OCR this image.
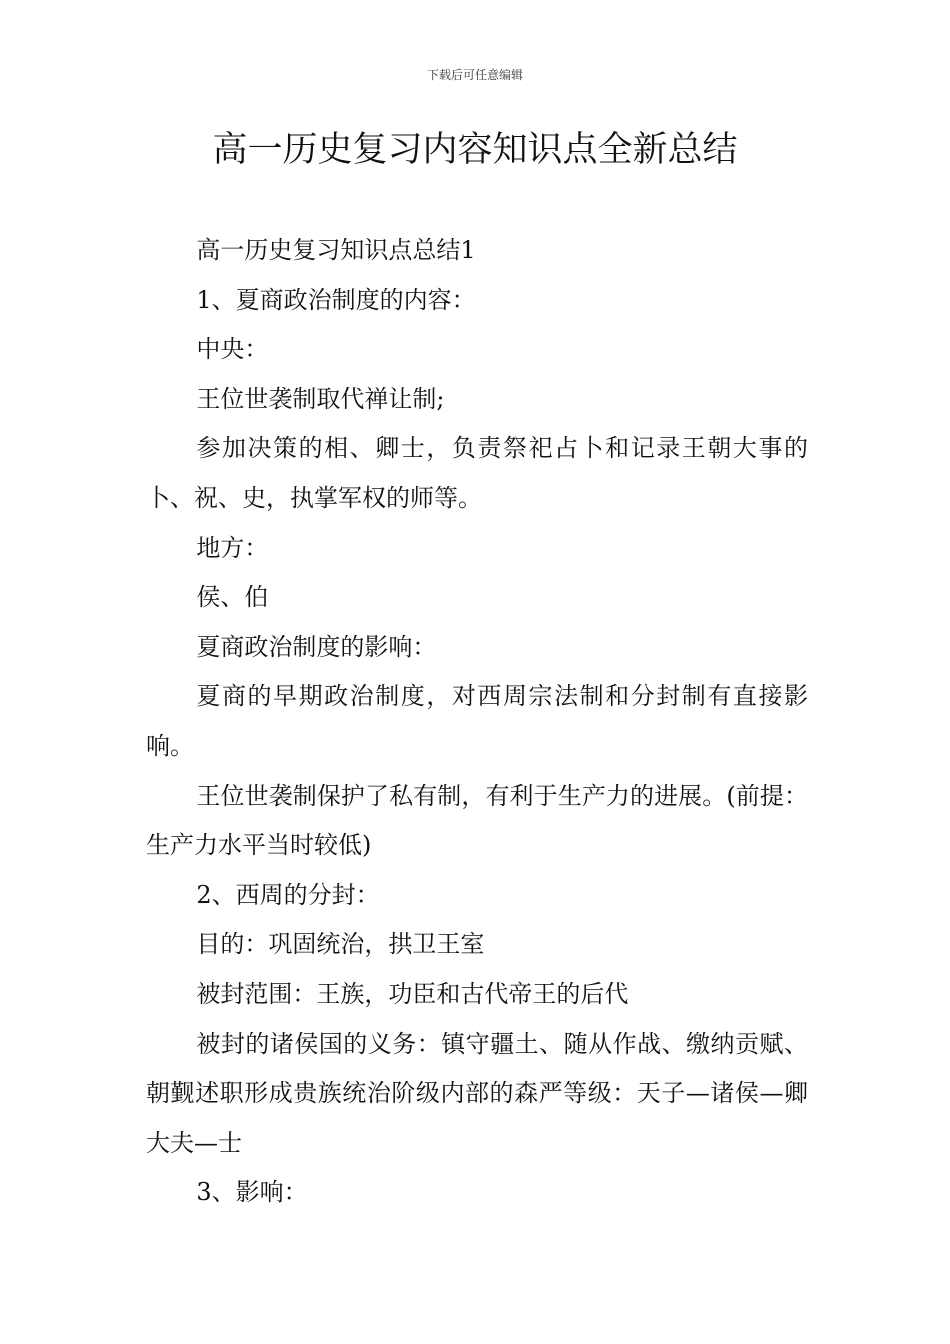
下载后可任意编辑
高一历史复习内容知识点全新总结

高一历史复习知识点总结1

1、夏商政治制度的内容：

中央：

王位世袭制取代禅让制;

参加决策的相、卿士，负责祭祀占卜和记录王朝大事的卜、祝、史，执掌军权的师等。

地方：

侯、伯

夏商政治制度的影响：

夏商的早期政治制度，对西周宗法制和分封制有直接影响。

王位世袭制保护了私有制，有利于生产力的进展。(前提：生产力水平当时较低)

2、西周的分封：

目的：巩固统治，拱卫王室

被封范围：王族，功臣和古代帝王的后代

被封的诸侯国的义务：镇守疆土、随从作战、缴纳贡赋、朝觐述职形成贵族统治阶级内部的森严等级：天子—诸侯—卿大夫—士

3、影响：
